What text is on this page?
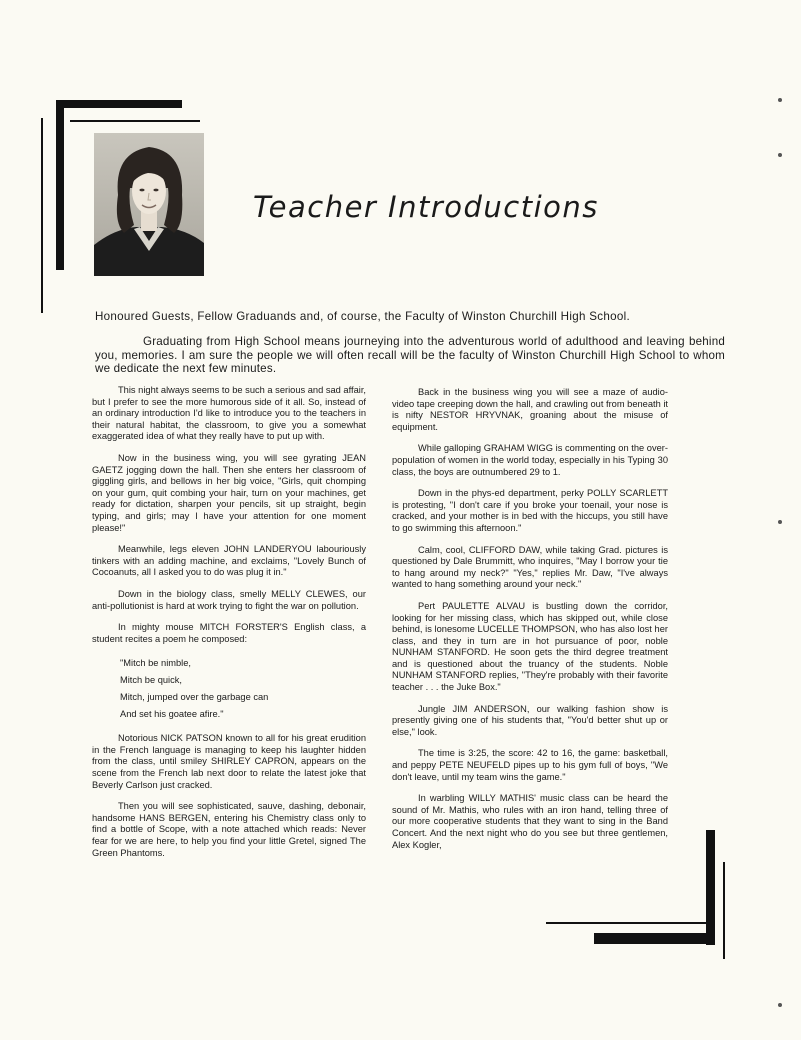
Teacher Introductions
Honoured Guests, Fellow Graduands and, of course, the Faculty of Winston Churchill High School.
Graduating from High School means journeying into the adventurous world of adulthood and leaving behind you, memories. I am sure the people we will often recall will be the faculty of Winston Churchill High School to whom we dedicate the next few minutes.

This night always seems to be such a serious and sad affair, but I prefer to see the more humorous side of it all. So, instead of an ordinary introduction I'd like to introduce you to the teachers in their natural habitat, the classroom, to give you a somewhat exaggerated idea of what they really have to put up with.

Now in the business wing, you will see gyrating JEAN GAETZ jogging down the hall. Then she enters her classroom of giggling girls, and bellows in her big voice, "Girls, quit chomping on your gum, quit combing your hair, turn on your machines, get ready for dictation, sharpen your pencils, sit up straight, begin typing, and girls; may I have your attention for one moment please!"

Meanwhile, legs eleven JOHN LANDERYOU labouriously tinkers with an adding machine, and exclaims, "Lovely Bunch of Cocoanuts, all I asked you to do was plug it in."

Down in the biology class, smelly MELLY CLEWES, our anti-pollutionist is hard at work trying to fight the war on pollution.

In mighty mouse MITCH FORSTER'S English class, a student recites a poem he composed:

"Mitch be nimble,
Mitch be quick,
Mitch, jumped over the garbage can
And set his goatee afire."

Notorious NICK PATSON known to all for his great erudition in the French language is managing to keep his laughter hidden from the class, until smiley SHIRLEY CAPRON, appears on the scene from the French lab next door to relate the latest joke that Beverly Carlson just cracked.

Then you will see sophisticated, sauve, dashing, debonair, handsome HANS BERGEN, entering his Chemistry class only to find a bottle of Scope, with a note attached which reads: Never fear for we are here, to help you find your little Gretel, signed The Green Phantoms.

Back in the business wing you will see a maze of audio-video tape creeping down the hall, and crawling out from beneath it is nifty NESTOR HRYVNAK, groaning about the misuse of equipment.

While galloping GRAHAM WIGG is commenting on the over-population of women in the world today, especially in his Typing 30 class, the boys are outnumbered 29 to 1.

Down in the phys-ed department, perky POLLY SCARLETT is protesting, "I don't care if you broke your toenail, your nose is cracked, and your mother is in bed with the hiccups, you still have to go swimming this afternoon."

Calm, cool, CLIFFORD DAW, while taking Grad. pictures is questioned by Dale Brummitt, who inquires, "May I borrow your tie to hang around my neck?" "Yes," replies Mr. Daw, "I've always wanted to hang something around your neck."

Pert PAULETTE ALVAU is bustling down the corridor, looking for her missing class, which has skipped out, while close behind, is lonesome LUCELLE THOMPSON, who has also lost her class, and they in turn are in hot pursuance of poor, noble NUNHAM STANFORD. He soon gets the third degree treatment and is questioned about the truancy of the students. Noble NUNHAM STANFORD replies, "They're probably with their favorite teacher . . . the Juke Box."

Jungle JIM ANDERSON, our walking fashion show is presently giving one of his students that, "You'd better shut up or else," look.

The time is 3:25, the score: 42 to 16, the game: basketball, and peppy PETE NEUFELD pipes up to his gym full of boys, "We don't leave, until my team wins the game."

In warbling WILLY MATHIS' music class can be heard the sound of Mr. Mathis, who rules with an iron hand, telling three of our more cooperative students that they want to sing in the Band Concert. And the next night who do you see but three gentlemen, Alex Kogler,
